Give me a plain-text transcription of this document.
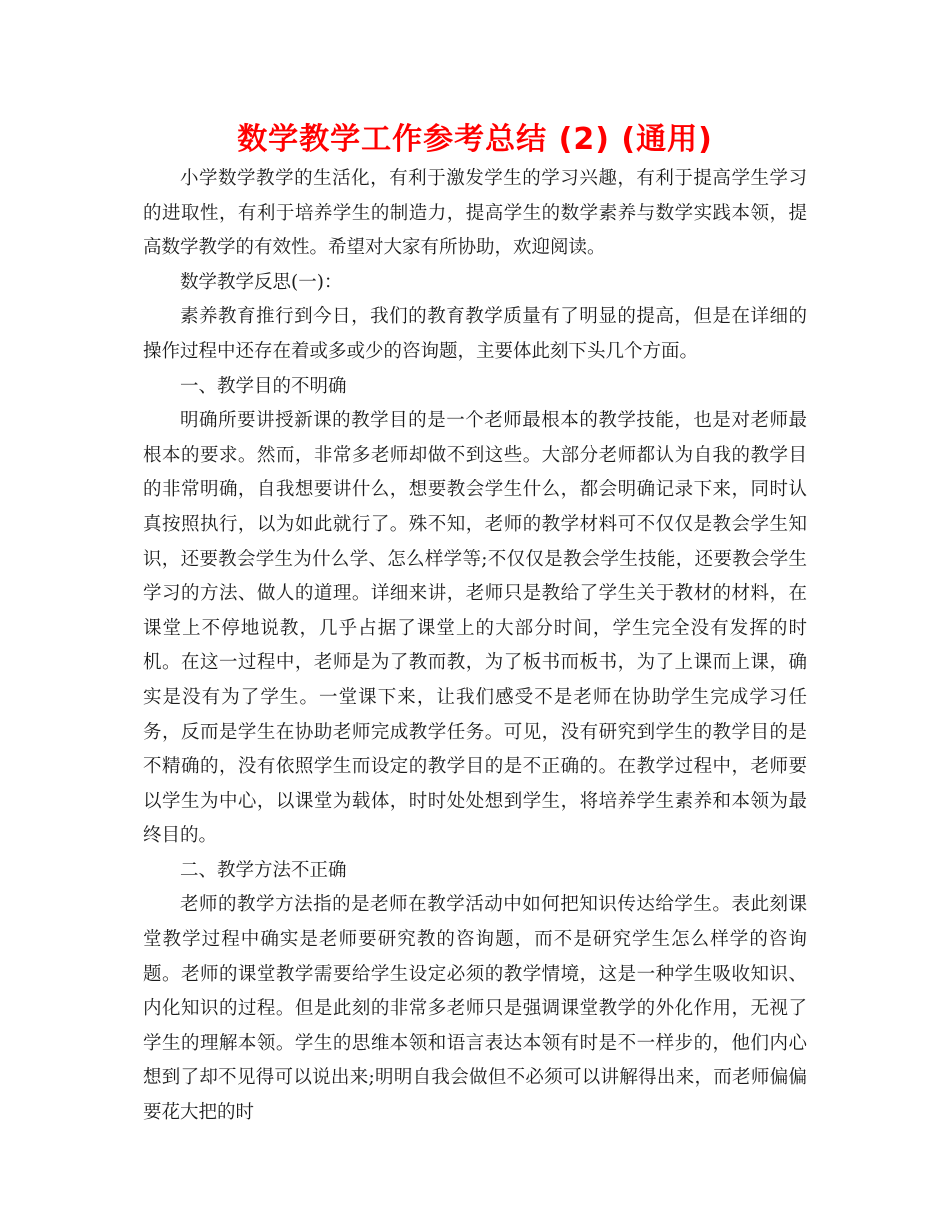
数学教学工作参考总结 (2) (通用)

小学数学教学的生活化，有利于激发学生的学习兴趣，有利于提高学生学习的进取性，有利于培养学生的制造力，提高学生的数学素养与数学实践本领，提高数学教学的有效性。希望对大家有所协助，欢迎阅读。

数学教学反思(一)：

素养教育推行到今日，我们的教育教学质量有了明显的提高，但是在详细的操作过程中还存在着或多或少的咨询题，主要体此刻下头几个方面。

一、教学目的不明确

明确所要讲授新课的教学目的是一个老师最根本的教学技能，也是对老师最根本的要求。然而，非常多老师却做不到这些。大部分老师都认为自我的教学目的非常明确，自我想要讲什么，想要教会学生什么，都会明确记录下来，同时认真按照执行，以为如此就行了。殊不知，老师的教学材料可不仅仅是教会学生知识，还要教会学生为什么学、怎么样学等;不仅仅是教会学生技能，还要教会学生学习的方法、做人的道理。详细来讲，老师只是教给了学生关于教材的材料，在课堂上不停地说教，几乎占据了课堂上的大部分时间，学生完全没有发挥的时机。在这一过程中，老师是为了教而教，为了板书而板书，为了上课而上课，确实是没有为了学生。一堂课下来，让我们感受不是老师在协助学生完成学习任务，反而是学生在协助老师完成教学任务。可见，没有研究到学生的教学目的是不精确的，没有依照学生而设定的教学目的是不正确的。在教学过程中，老师要以学生为中心，以课堂为载体，时时处处想到学生，将培养学生素养和本领为最终目的。

二、教学方法不正确

老师的教学方法指的是老师在教学活动中如何把知识传达给学生。表此刻课堂教学过程中确实是老师要研究教的咨询题，而不是研究学生怎么样学的咨询题。老师的课堂教学需要给学生设定必须的教学情境，这是一种学生吸收知识、内化知识的过程。但是此刻的非常多老师只是强调课堂教学的外化作用，无视了学生的理解本领。学生的思维本领和语言表达本领有时是不一样步的，他们内心想到了却不见得可以说出来;明明自我会做但不必须可以讲解得出来，而老师偏偏要花大把的时
